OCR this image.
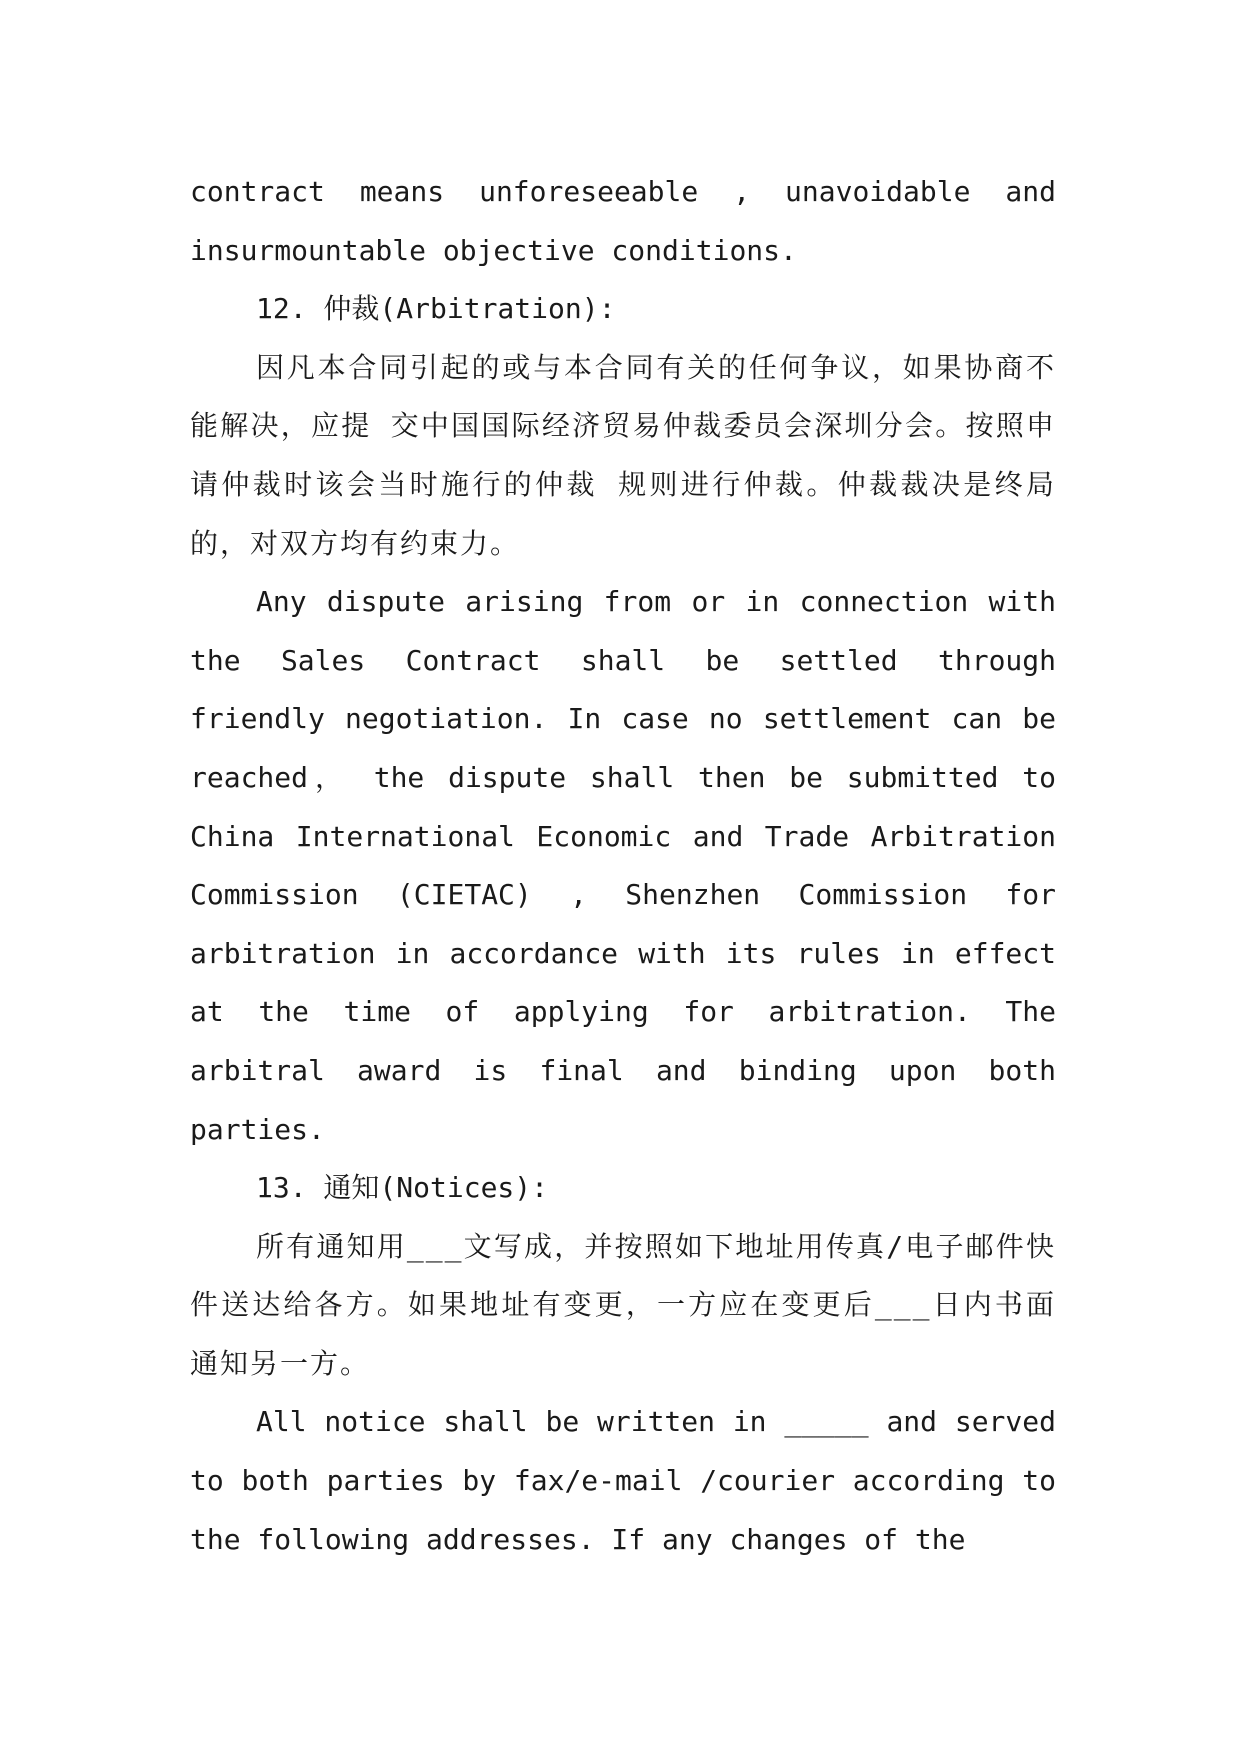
contract means unforeseeable , unavoidable and insurmountable objective conditions.

12. 仲裁(Arbitration):

因凡本合同引起的或与本合同有关的任何争议，如果协商不能解决，应提 交中国国际经济贸易仲裁委员会深圳分会。按照申请仲裁时该会当时施行的仲裁 规则进行仲裁。仲裁裁决是终局的，对双方均有约束力。

Any dispute arising from or in connection with the Sales Contract shall be settled through friendly negotiation. In case no settlement can be reached， the dispute shall then be submitted to China International Economic and Trade Arbitration Commission (CIETAC) , Shenzhen Commission for arbitration in accordance with its rules in effect at the time of applying for arbitration. The arbitral award is final and binding upon both parties.

13. 通知(Notices):

所有通知用___文写成，并按照如下地址用传真/电子邮件快件送达给各方。如果地址有变更，一方应在变更后___日内书面通知另一方。

All notice shall be written in _____ and served to both parties by fax/e-mail /courier according to the following addresses. If any changes of the
